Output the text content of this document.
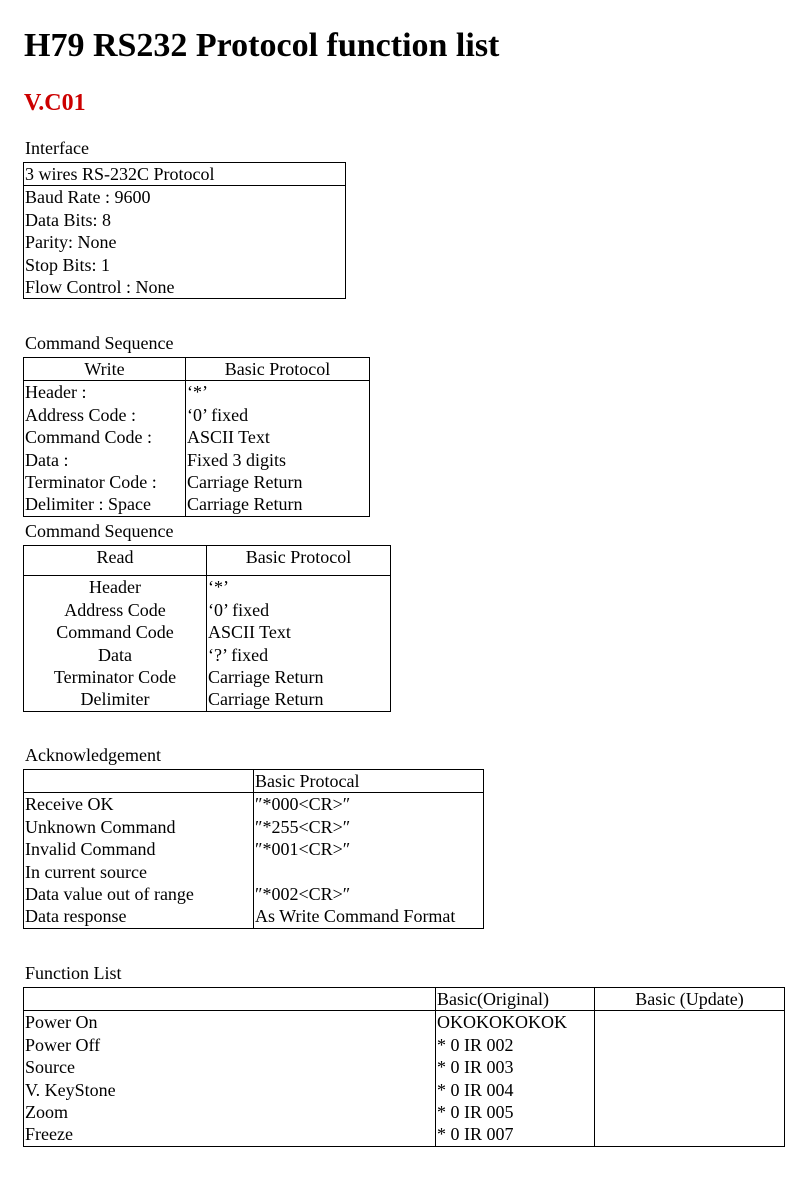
H79 RS232 Protocol function list
V.C01
Interface
3 wires RS-232C Protocol
Baud Rate : 9600
Data Bits: 8
Parity: None
Stop Bits: 1
Flow Control : None
Command Sequence
Write	Basic Protocol
Header :	‘*’
Address Code :	‘0’ fixed
Command Code :	ASCII Text
Data :	Fixed 3 digits
Terminator Code :	Carriage Return
Delimiter : Space	Carriage Return
Command Sequence
Read	Basic Protocol
Header	‘*’
Address Code	‘0’ fixed
Command Code	ASCII Text
Data	‘?’ fixed
Terminator Code	Carriage Return
Delimiter	Carriage Return
Acknowledgement
	Basic Protocal
Receive OK	″*000<CR>″
Unknown Command	″*255<CR>″
Invalid Command	″*001<CR>″
In current source	
Data value out of range	″*002<CR>″
Data response	As Write Command Format
Function List
	Basic(Original)	Basic (Update)
Power On	OKOKOKOKOK	
Power Off	* 0 IR 002	
Source	* 0 IR 003	
V. KeyStone	* 0 IR 004	
Zoom	* 0 IR 005	
Freeze	* 0 IR 007	
